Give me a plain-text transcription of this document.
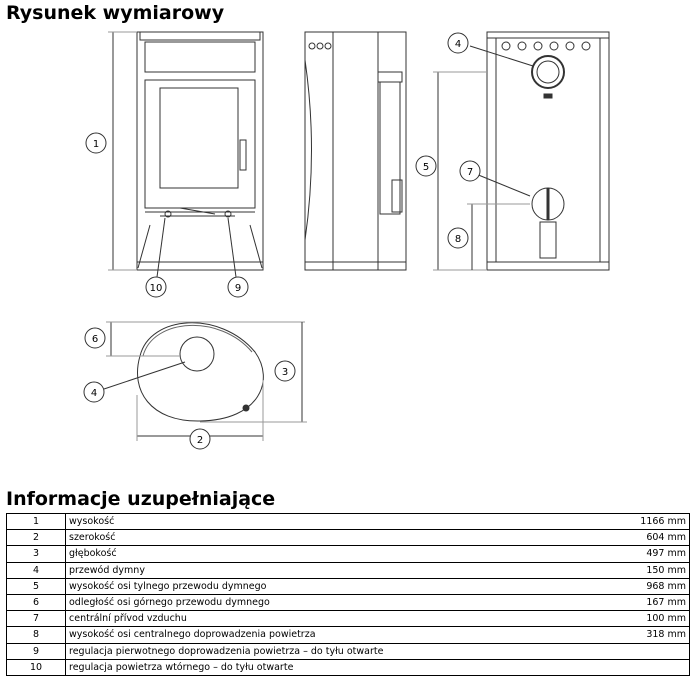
Rysunek wymiarowy
1
10	9
5
4
7
8
6
3
2
4
Informacje uzupełniające
1	wysokość	1166 mm
2	szerokość	604 mm
3	głębokość	497 mm
4	przewód dymny	150 mm
5	wysokość osi tylnego przewodu dymnego	968 mm
6	odległość osi górnego przewodu dymnego	167 mm
7	centrální přívod vzduchu	100 mm
8	wysokość osi centralnego doprowadzenia powietrza	318 mm
9	regulacja pierwotnego doprowadzenia powietrza – do tyłu otwarte	
10	regulacja powietrza wtórnego – do tyłu otwarte	
